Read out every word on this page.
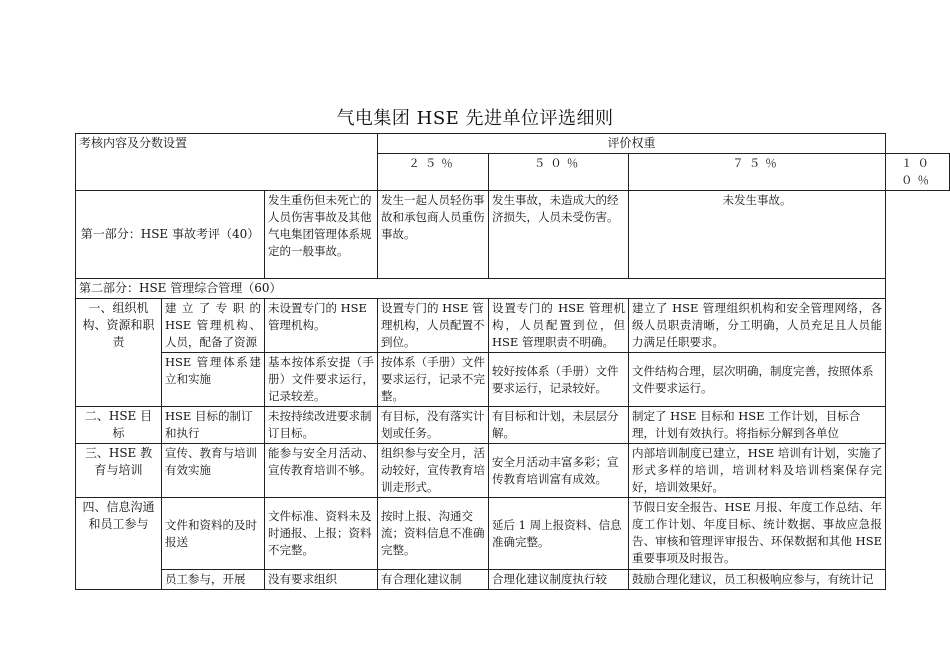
气电集团 HSE 先进单位评选细则
考核内容及分数设置			评价权重			
			２５％	５０％	７５％	１００％
第一部分：HSE 事故考评（40）		发生重伤但未死亡的人员伤害事故及其他气电集团管理体系规定的一般事故。	发生一起人员轻伤事故和承包商人员重伤事故。	发生事故，未造成大的经济损失，人员未受伤害。	未发生事故。	
第二部分：HSE 管理综合管理（60）						
一、组织机构、资源和职责	建立了专职的 HSE 管理机构、人员，配备了资源	未设置专门的 HSE 管理机构。	设置专门的 HSE 管理机构，人员配置不到位。	设置专门的 HSE 管理机构，人员配置到位，但 HSE 管理职责不明确。	建立了 HSE 管理组织机构和安全管理网络，各级人员职责清晰，分工明确，人员充足且人员能力满足任职要求。	
	HSE 管理体系建立和实施	基本按体系安提（手册）文件要求运行，记录较差。	按体系（手册）文件要求运行，记录不完整。	较好按体系（手册）文件要求运行，记录较好。	文件结构合理，层次明确，制度完善，按照体系文件要求运行。	
二、HSE 目标	HSE 目标的制订和执行	未按持续改进要求制订目标。	有目标，没有落实计划或任务。	有目标和计划，未层层分解。	制定了 HSE 目标和 HSE 工作计划，目标合理，计划有效执行。将指标分解到各单位	
三、HSE 教育与培训	宣传、教育与培训有效实施	能参与安全月活动、宣传教育培训不够。	组织参与安全月，活动较好，宣传教育培训走形式。	安全月活动丰富多彩；宣传教育培训富有成效。	内部培训制度已建立，HSE 培训有计划，实施了形式多样的培训，培训材料及培训档案保存完好，培训效果好。	
四、信息沟通和员工参与	文件和资料的及时报送	文件标准、资料未及时通报、上报；资料不完整。	按时上报、沟通交流；资料信息不准确完整。	延后 1 周上报资料、信息准确完整。	节假日安全报告、HSE 月报、年度工作总结、年度工作计划、年度目标、统计数据、事故应急报告、审核和管理评审报告、环保数据和其他 HSE 重要事项及时报告。	
	员工参与，开展	没有要求组织	有合理化建议制	合理化建议制度执行较	鼓励合理化建议，员工积极响应参与，有统计记	
